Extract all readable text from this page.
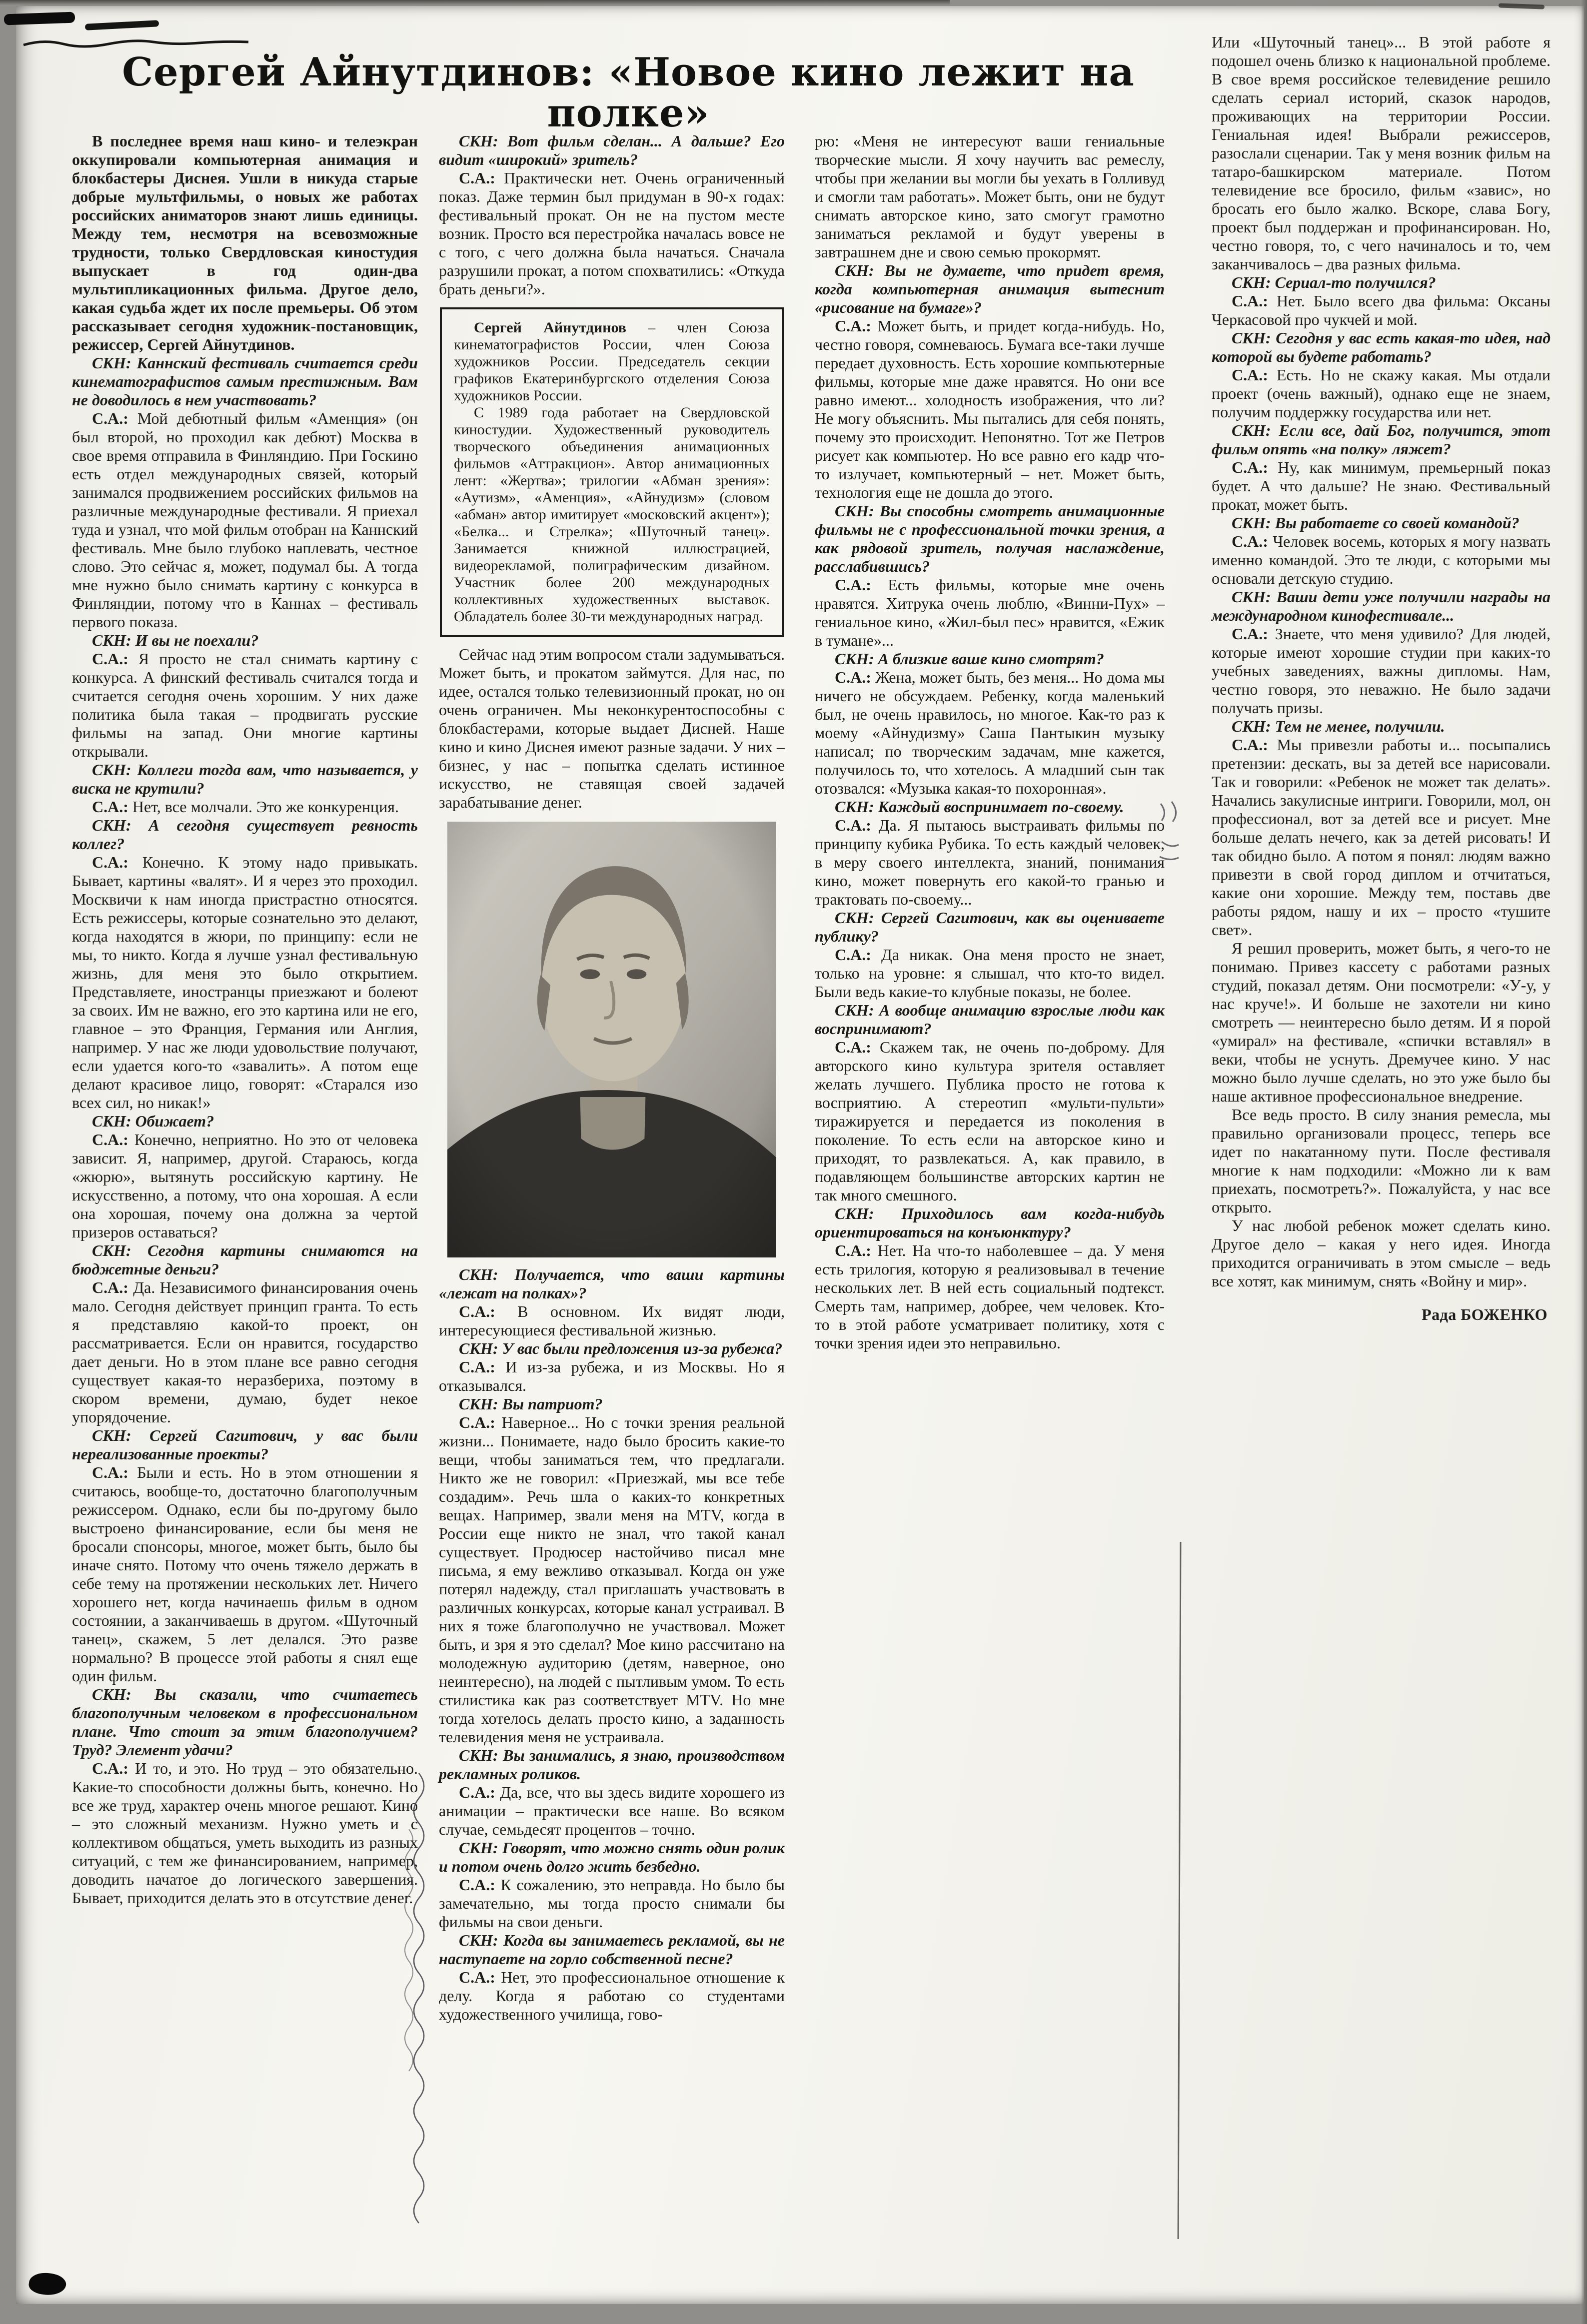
Сергей Айнутдинов: «Новое кино лежит на полке»

В последнее время наш кино- и телеэкран оккупировали компьютерная анимация и блокбастеры Диснея. Ушли в никуда старые добрые мультфильмы, о новых же работах российских аниматоров знают лишь единицы. Между тем, несмотря на всевозможные трудности, только Свердловская киностудия выпускает в год один-два мультипликационных фильма. Другое дело, какая судьба ждет их после премьеры. Об этом рассказывает сегодня художник-постановщик, режиссер, Сергей Айнутдинов.

СКН: Каннский фестиваль считается среди кинематографистов самым престижным. Вам не доводилось в нем участвовать?

С.А.: Мой дебютный фильм «Аменция» (он был второй, но проходил как дебют) Москва в свое время отправила в Финляндию. При Госкино есть отдел международных связей, который занимался продвижением российских фильмов на различные международные фестивали. Я приехал туда и узнал, что мой фильм отобран на Каннский фестиваль. Мне было глубоко наплевать, честное слово. Это сейчас я, может, подумал бы. А тогда мне нужно было снимать картину с конкурса в Финляндии, потому что в Каннах – фестиваль первого показа.

СКН: И вы не поехали?

С.А.: Я просто не стал снимать картину с конкурса. А финский фестиваль считался тогда и считается сегодня очень хорошим. У них даже политика была такая – продвигать русские фильмы на запад. Они многие картины открывали.

СКН: Коллеги тогда вам, что называется, у виска не крутили?

С.А.: Нет, все молчали. Это же конкуренция.

СКН: А сегодня существует ревность коллег?

С.А.: Конечно. К этому надо привыкать. Бывает, картины «валят». И я через это проходил. Москвичи к нам иногда пристрастно относятся. Есть режиссеры, которые сознательно это делают, когда находятся в жюри, по принципу: если не мы, то никто. Когда я лучше узнал фестивальную жизнь, для меня это было открытием. Представляете, иностранцы приезжают и болеют за своих. Им не важно, его это картина или не его, главное – это Франция, Германия или Англия, например. У нас же люди удовольствие получают, если удается кого-то «завалить». А потом еще делают красивое лицо, говорят: «Старался изо всех сил, но никак!»

СКН: Обижает?

С.А.: Конечно, неприятно. Но это от человека зависит. Я, например, другой. Стараюсь, когда «жюрю», вытянуть российскую картину. Не искусственно, а потому, что она хорошая. А если она хорошая, почему она должна за чертой призеров оставаться?

СКН: Сегодня картины снимаются на бюджетные деньги?

С.А.: Да. Независимого финансирования очень мало. Сегодня действует принцип гранта. То есть я представляю какой-то проект, он рассматривается. Если он нравится, государство дает деньги. Но в этом плане все равно сегодня существует какая-то неразбериха, поэтому в скором времени, думаю, будет некое упорядочение.

СКН: Сергей Сагитович, у вас были нереализованные проекты?

С.А.: Были и есть. Но в этом отношении я считаюсь, вообще-то, достаточно благополучным режиссером. Однако, если бы по-другому было выстроено финансирование, если бы меня не бросали спонсоры, многое, может быть, было бы иначе снято. Потому что очень тяжело держать в себе тему на протяжении нескольких лет. Ничего хорошего нет, когда начинаешь фильм в одном состоянии, а заканчиваешь в другом. «Шуточный танец», скажем, 5 лет делался. Это разве нормально? В процессе этой работы я снял еще один фильм.

СКН: Вы сказали, что считаетесь благополучным человеком в профессиональном плане. Что стоит за этим благополучием? Труд? Элемент удачи?

С.А.: И то, и это. Но труд – это обязательно. Какие-то способности должны быть, конечно. Но все же труд, характер очень многое решают. Кино – это сложный механизм. Нужно уметь и с коллективом общаться, уметь выходить из разных ситуаций, с тем же финансированием, например, доводить начатое до логического завершения. Бывает, приходится делать это в отсутствие денег.

СКН: Вот фильм сделан... А дальше? Его видит «широкий» зритель?

С.А.: Практически нет. Очень ограниченный показ. Даже термин был придуман в 90-х годах: фестивальный прокат. Он не на пустом месте возник. Просто вся перестройка началась вовсе не с того, с чего должна была начаться. Сначала разрушили прокат, а потом спохватились: «Откуда брать деньги?».

Сергей Айнутдинов – член Союза кинематографистов России, член Союза художников России. Председатель секции графиков Екатеринбургского отделения Союза художников России.

С 1989 года работает на Свердловской киностудии. Художественный руководитель творческого объединения анимационных фильмов «Аттракцион». Автор анимационных лент: «Жертва»; трилогии «Абман зрения»: «Аутизм», «Аменция», «Айнудизм» (словом «абман» автор имитирует «московский акцент»); «Белка... и Стрелка»; «Шуточный танец». Занимается книжной иллюстрацией, видеорекламой, полиграфическим дизайном. Участник более 200 международных коллективных художественных выставок. Обладатель более 30-ти международных наград.

Сейчас над этим вопросом стали задумываться. Может быть, и прокатом займутся. Для нас, по идее, остался только телевизионный прокат, но он очень ограничен. Мы неконкурентоспособны с блокбастерами, которые выдает Дисней. Наше кино и кино Диснея имеют разные задачи. У них – бизнес, у нас – попытка сделать истинное искусство, не ставящая своей задачей зарабатывание денег.

СКН: Получается, что ваши картины «лежат на полках»?

С.А.: В основном. Их видят люди, интересующиеся фестивальной жизнью.

СКН: У вас были предложения из-за рубежа?

С.А.: И из-за рубежа, и из Москвы. Но я отказывался.

СКН: Вы патриот?

С.А.: Наверное... Но с точки зрения реальной жизни... Понимаете, надо было бросить какие-то вещи, чтобы заниматься тем, что предлагали. Никто же не говорил: «Приезжай, мы все тебе создадим». Речь шла о каких-то конкретных вещах. Например, звали меня на MTV, когда в России еще никто не знал, что такой канал существует. Продюсер настойчиво писал мне письма, я ему вежливо отказывал. Когда он уже потерял надежду, стал приглашать участвовать в различных конкурсах, которые канал устраивал. В них я тоже благополучно не участвовал. Может быть, и зря я это сделал? Мое кино рассчитано на молодежную аудиторию (детям, наверное, оно неинтересно), на людей с пытливым умом. То есть стилистика как раз соответствует MTV. Но мне тогда хотелось делать просто кино, а заданность телевидения меня не устраивала.

СКН: Вы занимались, я знаю, производством рекламных роликов.

С.А.: Да, все, что вы здесь видите хорошего из анимации – практически все наше. Во всяком случае, семьдесят процентов – точно.

СКН: Говорят, что можно снять один ролик и потом очень долго жить безбедно.

С.А.: К сожалению, это неправда. Но было бы замечательно, мы тогда просто снимали бы фильмы на свои деньги.

СКН: Когда вы занимаетесь рекламой, вы не наступаете на горло собственной песне?

С.А.: Нет, это профессиональное отношение к делу. Когда я работаю со студентами художественного училища, гово-

рю: «Меня не интересуют ваши гениальные творческие мысли. Я хочу научить вас ремеслу, чтобы при желании вы могли бы уехать в Голливуд и смогли там работать». Может быть, они не будут снимать авторское кино, зато смогут грамотно заниматься рекламой и будут уверены в завтрашнем дне и свою семью прокормят.

СКН: Вы не думаете, что придет время, когда компьютерная анимация вытеснит «рисование на бумаге»?

С.А.: Может быть, и придет когда-нибудь. Но, честно говоря, сомневаюсь. Бумага все-таки лучше передает духовность. Есть хорошие компьютерные фильмы, которые мне даже нравятся. Но они все равно имеют... холодность изображения, что ли? Не могу объяснить. Мы пытались для себя понять, почему это происходит. Непонятно. Тот же Петров рисует как компьютер. Но все равно его кадр что-то излучает, компьютерный – нет. Может быть, технология еще не дошла до этого.

СКН: Вы способны смотреть анимационные фильмы не с профессиональной точки зрения, а как рядовой зритель, получая наслаждение, расслабившись?

С.А.: Есть фильмы, которые мне очень нравятся. Хитрука очень люблю, «Винни-Пух» – гениальное кино, «Жил-был пес» нравится, «Ежик в тумане»...

СКН: А близкие ваше кино смотрят?

С.А.: Жена, может быть, без меня... Но дома мы ничего не обсуждаем. Ребенку, когда маленький был, не очень нравилось, но многое. Как-то раз к моему «Айнудизму» Саша Пантыкин музыку написал; по творческим задачам, мне кажется, получилось то, что хотелось. А младший сын так отозвался: «Музыка какая-то похоронная».

СКН: Каждый воспринимает по-своему.

С.А.: Да. Я пытаюсь выстраивать фильмы по принципу кубика Рубика. То есть каждый человек, в меру своего интеллекта, знаний, понимания кино, может повернуть его какой-то гранью и трактовать по-своему...

СКН: Сергей Сагитович, как вы оцениваете публику?

С.А.: Да никак. Она меня просто не знает, только на уровне: я слышал, что кто-то видел. Были ведь какие-то клубные показы, не более.

СКН: А вообще анимацию взрослые люди как воспринимают?

С.А.: Скажем так, не очень по-доброму. Для авторского кино культура зрителя оставляет желать лучшего. Публика просто не готова к восприятию. А стереотип «мульти-пульти» тиражируется и передается из поколения в поколение. То есть если на авторское кино и приходят, то развлекаться. А, как правило, в подавляющем большинстве авторских картин не так много смешного.

СКН: Приходилось вам когда-нибудь ориентироваться на конъюнктуру?

С.А.: Нет. На что-то наболевшее – да. У меня есть трилогия, которую я реализовывал в течение нескольких лет. В ней есть социальный подтекст. Смерть там, например, добрее, чем человек. Кто-то в этой работе усматривает политику, хотя с точки зрения идеи это неправильно.

Или «Шуточный танец»... В этой работе я подошел очень близко к национальной проблеме. В свое время российское телевидение решило сделать сериал историй, сказок народов, проживающих на территории России. Гениальная идея! Выбрали режиссеров, разослали сценарии. Так у меня возник фильм на татаро-башкирском материале. Потом телевидение все бросило, фильм «завис», но бросать его было жалко. Вскоре, слава Богу, проект был поддержан и профинансирован. Но, честно говоря, то, с чего начиналось и то, чем заканчивалось – два разных фильма.

СКН: Сериал-то получился?

С.А.: Нет. Было всего два фильма: Оксаны Черкасовой про чукчей и мой.

СКН: Сегодня у вас есть какая-то идея, над которой вы будете работать?

С.А.: Есть. Но не скажу какая. Мы отдали проект (очень важный), однако еще не знаем, получим поддержку государства или нет.

СКН: Если все, дай Бог, получится, этот фильм опять «на полку» ляжет?

С.А.: Ну, как минимум, премьерный показ будет. А что дальше? Не знаю. Фестивальный прокат, может быть.

СКН: Вы работаете со своей командой?

С.А.: Человек восемь, которых я могу назвать именно командой. Это те люди, с которыми мы основали детскую студию.

СКН: Ваши дети уже получили награды на международном кинофестивале...

С.А.: Знаете, что меня удивило? Для людей, которые имеют хорошие студии при каких-то учебных заведениях, важны дипломы. Нам, честно говоря, это неважно. Не было задачи получать призы.

СКН: Тем не менее, получили.

С.А.: Мы привезли работы и... посыпались претензии: дескать, вы за детей все нарисовали. Так и говорили: «Ребенок не может так делать». Начались закулисные интриги. Говорили, мол, он профессионал, вот за детей все и рисует. Мне больше делать нечего, как за детей рисовать! И так обидно было. А потом я понял: людям важно привезти в свой город диплом и отчитаться, какие они хорошие. Между тем, поставь две работы рядом, нашу и их – просто «тушите свет».

Я решил проверить, может быть, я чего-то не понимаю. Привез кассету с работами разных студий, показал детям. Они посмотрели: «У-у, у нас круче!». И больше не захотели ни кино смотреть — неинтересно было детям. И я порой «умирал» на фестивале, «спички вставлял» в веки, чтобы не уснуть. Дремучее кино. У нас можно было лучше сделать, но это уже было бы наше активное профессиональное внедрение.

Все ведь просто. В силу знания ремесла, мы правильно организовали процесс, теперь все идет по накатанному пути. После фестиваля многие к нам подходили: «Можно ли к вам приехать, посмотреть?». Пожалуйста, у нас все открыто.

У нас любой ребенок может сделать кино. Другое дело – какая у него идея. Иногда приходится ограничивать в этом смысле – ведь все хотят, как минимум, снять «Войну и мир».

Рада БОЖЕНКО
